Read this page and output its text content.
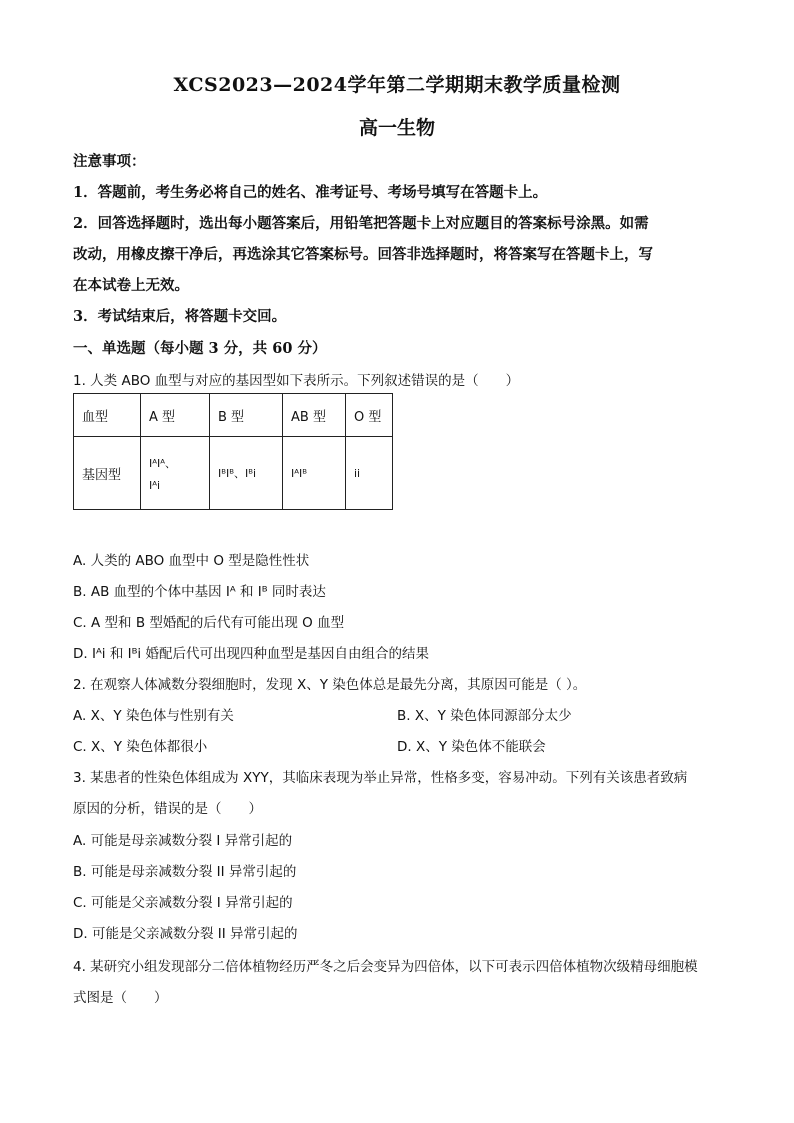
XCS2023—2024学年第二学期期末教学质量检测
高一生物
注意事项：
1．答题前，考生务必将自己的姓名、准考证号、考场号填写在答题卡上。
2．回答选择题时，选出每小题答案后，用铅笔把答题卡上对应题目的答案标号涂黑。如需
改动，用橡皮擦干净后，再选涂其它答案标号。回答非选择题时，将答案写在答题卡上，写
在本试卷上无效。
3．考试结束后，将答题卡交回。
一、单选题（每小题 3 分，共 60 分）
1. 人类 ABO 血型与对应的基因型如下表所示。下列叙述错误的是（　　）
血型	A 型	B 型	AB 型	O 型
基因型	IᴬIᴬ、
Iᴬi	IᴮIᴮ、Iᴮi	IᴬIᴮ	ii
A. 人类的 ABO 血型中 O 型是隐性性状
B. AB 血型的个体中基因 Iᴬ 和 Iᴮ 同时表达
C. A 型和 B 型婚配的后代有可能出现 O 血型
D. Iᴬi 和 Iᴮi 婚配后代可出现四种血型是基因自由组合的结果
2. 在观察人体减数分裂细胞时，发现 X、Y 染色体总是最先分离，其原因可能是（ ）。
A. X、Y 染色体与性别有关	B. X、Y 染色体同源部分太少
C. X、Y 染色体都很小	D. X、Y 染色体不能联会
3. 某患者的性染色体组成为 XYY，其临床表现为举止异常，性格多变，容易冲动。下列有关该患者致病
原因的分析，错误的是（　　）
A. 可能是母亲减数分裂 I 异常引起的
B. 可能是母亲减数分裂 II 异常引起的
C. 可能是父亲减数分裂 I 异常引起的
D. 可能是父亲减数分裂 II 异常引起的
4. 某研究小组发现部分二倍体植物经历严冬之后会变异为四倍体，以下可表示四倍体植物次级精母细胞模
式图是（　　）
